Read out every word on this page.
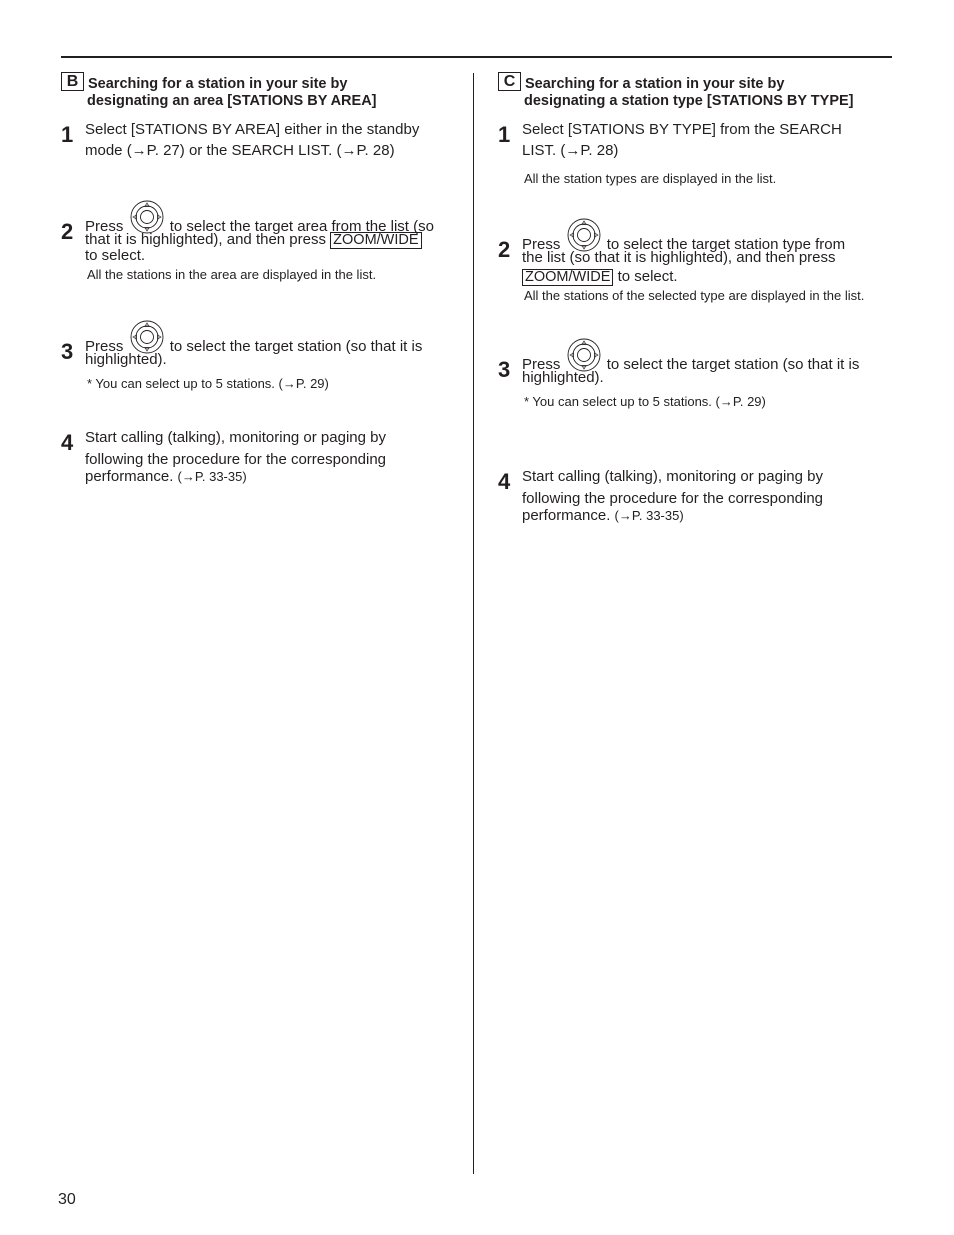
B Searching for a station in your site by
designating an area [STATIONS BY AREA]
1 Select [STATIONS BY AREA] either in the standby
mode (→P. 27) or the SEARCH LIST. (→P. 28)
2 Press	to select the target area from the list (so
that it is highlighted), and then press ZOOM/WIDE
to select.
All the stations in the area are displayed in the list.
3 Press	to select the target station (so that it is
highlighted).
* You can select up to 5 stations. (→P. 29)
4 Start calling (talking), monitoring or paging by
following the procedure for the corresponding
performance. (→P. 33-35)
C Searching for a station in your site by
designating a station type [STATIONS BY TYPE]
1 Select [STATIONS BY TYPE] from the SEARCH
LIST. (→P. 28)
All the station types are displayed in the list.
2 Press	to select the target station type from
the list (so that it is highlighted), and then press
ZOOM/WIDE to select.
All the stations of the selected type are displayed in the list.
3 Press	to select the target station (so that it is
highlighted).
* You can select up to 5 stations. (→P. 29)
4 Start calling (talking), monitoring or paging by
following the procedure for the corresponding
performance. (→P. 33-35)
30
